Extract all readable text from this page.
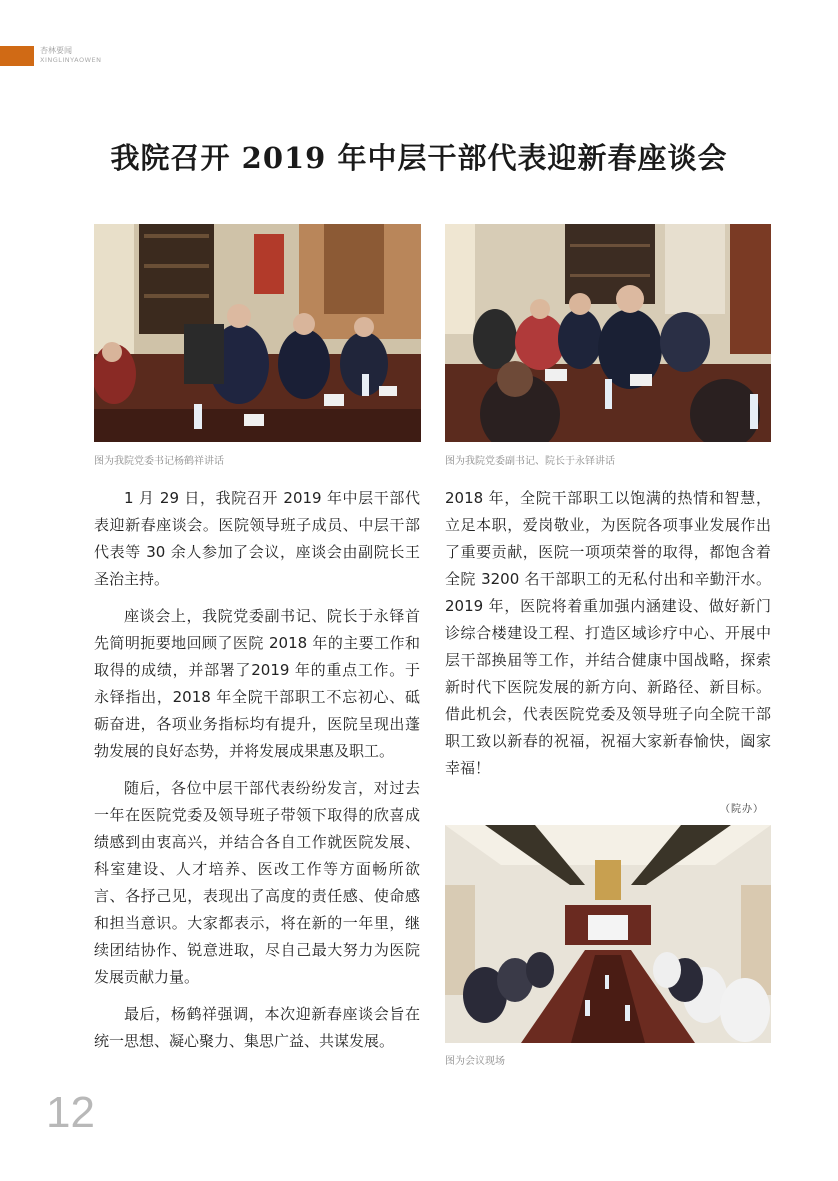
杏林要闻
XINGLINYAOWEN
我院召开 2019 年中层干部代表迎新春座谈会
图为我院党委书记杨鹤祥讲话	图为我院党委副书记、院长于永铎讲话

1 月 29 日，我院召开 2019 年中层干部代表迎新春座谈会。医院领导班子成员、中层干部代表等 30 余人参加了会议，座谈会由副院长王圣治主持。

座谈会上，我院党委副书记、院长于永铎首先简明扼要地回顾了医院 2018 年的主要工作和取得的成绩，并部署了2019 年的重点工作。于永铎指出，2018 年全院干部职工不忘初心、砥砺奋进，各项业务指标均有提升，医院呈现出蓬勃发展的良好态势，并将发展成果惠及职工。

随后，各位中层干部代表纷纷发言，对过去一年在医院党委及领导班子带领下取得的欣喜成绩感到由衷高兴，并结合各自工作就医院发展、科室建设、人才培养、医改工作等方面畅所欲言、各抒己见，表现出了高度的责任感、使命感和担当意识。大家都表示，将在新的一年里，继续团结协作、锐意进取，尽自己最大努力为医院发展贡献力量。

最后，杨鹤祥强调，本次迎新春座谈会旨在统一思想、凝心聚力、集思广益、共谋发展。

2018 年，全院干部职工以饱满的热情和智慧，立足本职，爱岗敬业，为医院各项事业发展作出了重要贡献，医院一项项荣誉的取得，都饱含着全院 3200 名干部职工的无私付出和辛勤汗水。2019 年，医院将着重加强内涵建设、做好新门诊综合楼建设工程、打造区域诊疗中心、开展中层干部换届等工作，并结合健康中国战略，探索新时代下医院发展的新方向、新路径、新目标。借此机会，代表医院党委及领导班子向全院干部职工致以新春的祝福，祝福大家新春愉快，阖家幸福！

（院办）
图为会议现场
12
